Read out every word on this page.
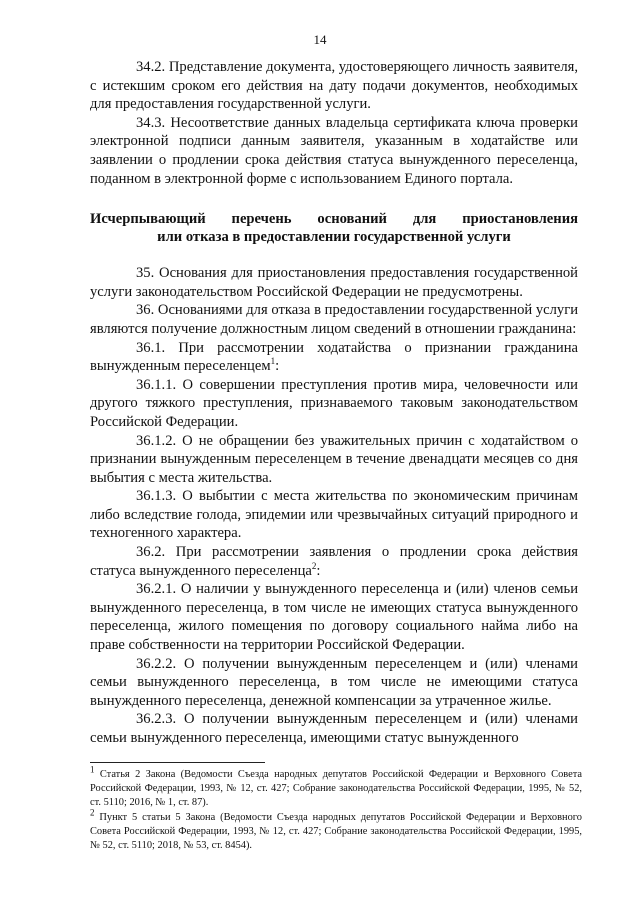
14

34.2. Представление документа, удостоверяющего личность заявителя, с истекшим сроком его действия на дату подачи документов, необходимых для предоставления государственной услуги.

34.3. Несоответствие данных владельца сертификата ключа проверки электронной подписи данным заявителя, указанным в ходатайстве или заявлении о продлении срока действия статуса вынужденного переселенца, поданном в электронной форме с использованием Единого портала.

Исчерпывающий перечень оснований для приостановления
или отказа в предоставлении государственной услуги

35. Основания для приостановления предоставления государственной услуги законодательством Российской Федерации не предусмотрены.

36. Основаниями для отказа в предоставлении государственной услуги являются получение должностным лицом сведений в отношении гражданина:

36.1. При рассмотрении ходатайства о признании гражданина вынужденным переселенцем$^1$:

36.1.1. О совершении преступления против мира, человечности или другого тяжкого преступления, признаваемого таковым законодательством Российской Федерации.

36.1.2. О не обращении без уважительных причин с ходатайством о признании вынужденным переселенцем в течение двенадцати месяцев со дня выбытия с места жительства.

36.1.3. О выбытии с места жительства по экономическим причинам либо вследствие голода, эпидемии или чрезвычайных ситуаций природного и техногенного характера.

36.2. При рассмотрении заявления о продлении срока действия статуса вынужденного переселенца$^2$:

36.2.1. О наличии у вынужденного переселенца и (или) членов семьи вынужденного переселенца, в том числе не имеющих статуса вынужденного переселенца, жилого помещения по договору социального найма либо на праве собственности на территории Российской Федерации.

36.2.2. О получении вынужденным переселенцем и (или) членами семьи вынужденного переселенца, в том числе не имеющими статуса вынужденного переселенца, денежной компенсации за утраченное жилье.

36.2.3. О получении вынужденным переселенцем и (или) членами семьи вынужденного переселенца, имеющими статус вынужденного

$^1$ Статья 2 Закона (Ведомости Съезда народных депутатов Российской Федерации и Верховного Совета Российской Федерации, 1993, № 12, ст. 427; Собрание законодательства Российской Федерации, 1995, № 52, ст. 5110; 2016, № 1, ст. 87).

$^2$ Пункт 5 статьи 5 Закона (Ведомости Съезда народных депутатов Российской Федерации и Верховного Совета Российской Федерации, 1993, № 12, ст. 427; Собрание законодательства Российской Федерации, 1995, № 52, ст. 5110; 2018, № 53, ст. 8454).
